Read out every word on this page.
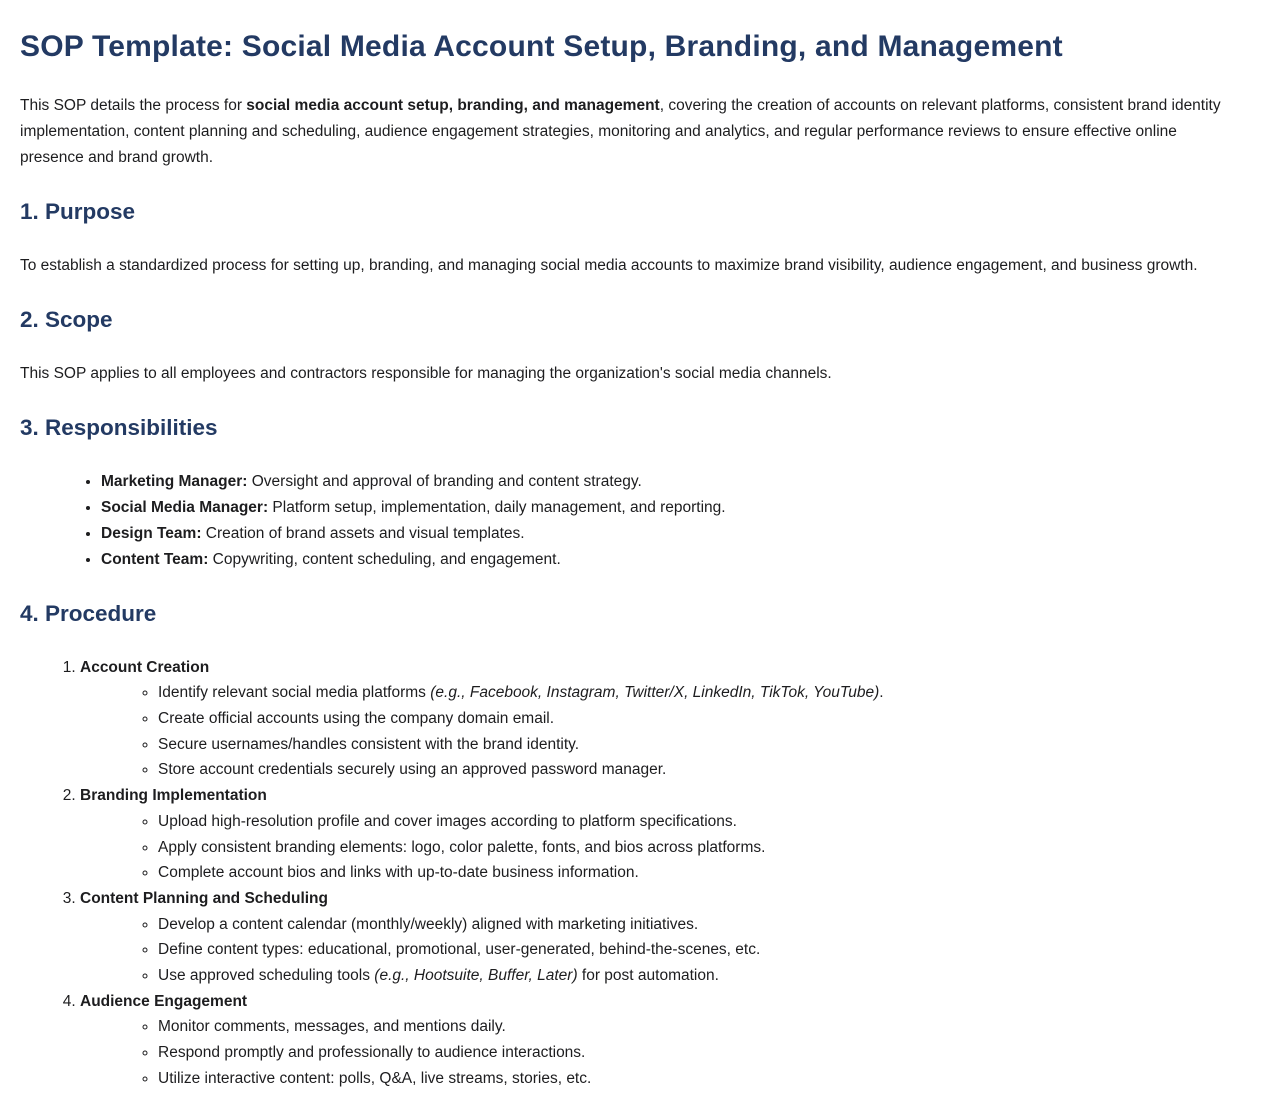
SOP Template: Social Media Account Setup, Branding, and Management

This SOP details the process for social media account setup, branding, and management, covering the creation of accounts on relevant platforms, consistent brand identity implementation, content planning and scheduling, audience engagement strategies, monitoring and analytics, and regular performance reviews to ensure effective online presence and brand growth.

1. Purpose

To establish a standardized process for setting up, branding, and managing social media accounts to maximize brand visibility, audience engagement, and business growth.

2. Scope

This SOP applies to all employees and contractors responsible for managing the organization's social media channels.

3. Responsibilities
• Marketing Manager: Oversight and approval of branding and content strategy.
• Social Media Manager: Platform setup, implementation, daily management, and reporting.
• Design Team: Creation of brand assets and visual templates.
• Content Team: Copywriting, content scheduling, and engagement.
4. Procedure
1. Account Creation
◦ Identify relevant social media platforms (e.g., Facebook, Instagram, Twitter/X, LinkedIn, TikTok, YouTube).
◦ Create official accounts using the company domain email.
◦ Secure usernames/handles consistent with the brand identity.
◦ Store account credentials securely using an approved password manager.
2. Branding Implementation
◦ Upload high-resolution profile and cover images according to platform specifications.
◦ Apply consistent branding elements: logo, color palette, fonts, and bios across platforms.
◦ Complete account bios and links with up-to-date business information.
3. Content Planning and Scheduling
◦ Develop a content calendar (monthly/weekly) aligned with marketing initiatives.
◦ Define content types: educational, promotional, user-generated, behind-the-scenes, etc.
◦ Use approved scheduling tools (e.g., Hootsuite, Buffer, Later) for post automation.
4. Audience Engagement
◦ Monitor comments, messages, and mentions daily.
◦ Respond promptly and professionally to audience interactions.
◦ Utilize interactive content: polls, Q&A, live streams, stories, etc.
